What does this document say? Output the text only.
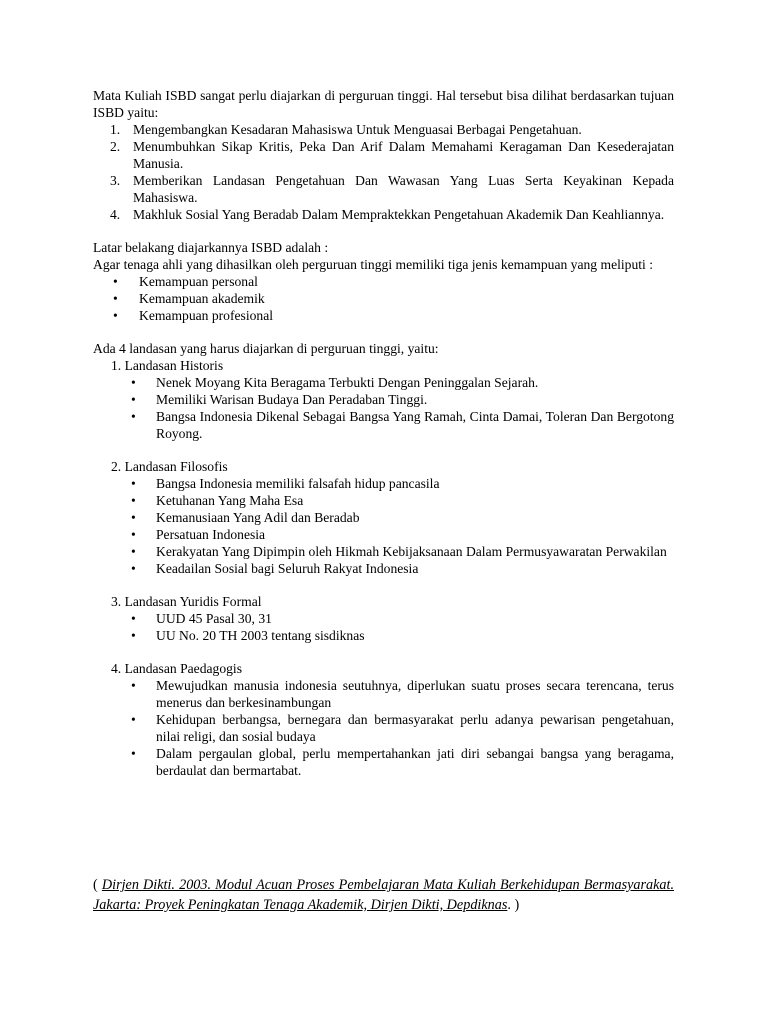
Mata Kuliah ISBD sangat perlu diajarkan di perguruan tinggi. Hal tersebut bisa dilihat berdasarkan tujuan ISBD yaitu:

1. Mengembangkan Kesadaran Mahasiswa Untuk Menguasai Berbagai Pengetahuan.
2. Menumbuhkan Sikap Kritis, Peka Dan Arif Dalam Memahami Keragaman Dan Kesederajatan Manusia.
3. Memberikan Landasan Pengetahuan Dan Wawasan Yang Luas Serta Keyakinan Kepada Mahasiswa.
4. Makhluk Sosial Yang Beradab Dalam Mempraktekkan Pengetahuan Akademik Dan Keahliannya.

Latar belakang diajarkannya ISBD adalah :

Agar tenaga ahli yang dihasilkan oleh perguruan tinggi memiliki tiga jenis kemampuan yang meliputi :

• Kemampuan personal
• Kemampuan akademik
• Kemampuan profesional

Ada 4 landasan yang harus diajarkan di perguruan tinggi, yaitu:

1. Landasan Historis

• Nenek Moyang Kita Beragama Terbukti Dengan Peninggalan Sejarah.
• Memiliki Warisan Budaya Dan Peradaban Tinggi.
• Bangsa Indonesia Dikenal Sebagai Bangsa Yang Ramah, Cinta Damai, Toleran Dan Bergotong Royong.

2. Landasan Filosofis

• Bangsa Indonesia memiliki falsafah hidup pancasila
• Ketuhanan Yang Maha Esa
• Kemanusiaan Yang Adil dan Beradab
• Persatuan Indonesia
• Kerakyatan Yang Dipimpin oleh Hikmah Kebijaksanaan Dalam Permusyawaratan Perwakilan
• Keadailan Sosial bagi Seluruh Rakyat Indonesia

3. Landasan Yuridis Formal

• UUD 45 Pasal 30, 31
• UU No. 20 TH 2003 tentang sisdiknas

4. Landasan Paedagogis

• Mewujudkan manusia indonesia seutuhnya, diperlukan suatu proses secara terencana, terus menerus dan berkesinambungan
• Kehidupan berbangsa, bernegara dan bermasyarakat perlu adanya pewarisan pengetahuan, nilai religi, dan sosial budaya
• Dalam pergaulan global, perlu mempertahankan jati diri sebangai bangsa yang beragama, berdaulat dan bermartabat.

( Dirjen Dikti. 2003. Modul Acuan Proses Pembelajaran Mata Kuliah Berkehidupan Bermasyarakat. Jakarta: Proyek Peningkatan Tenaga Akademik, Dirjen Dikti, Depdiknas. )
